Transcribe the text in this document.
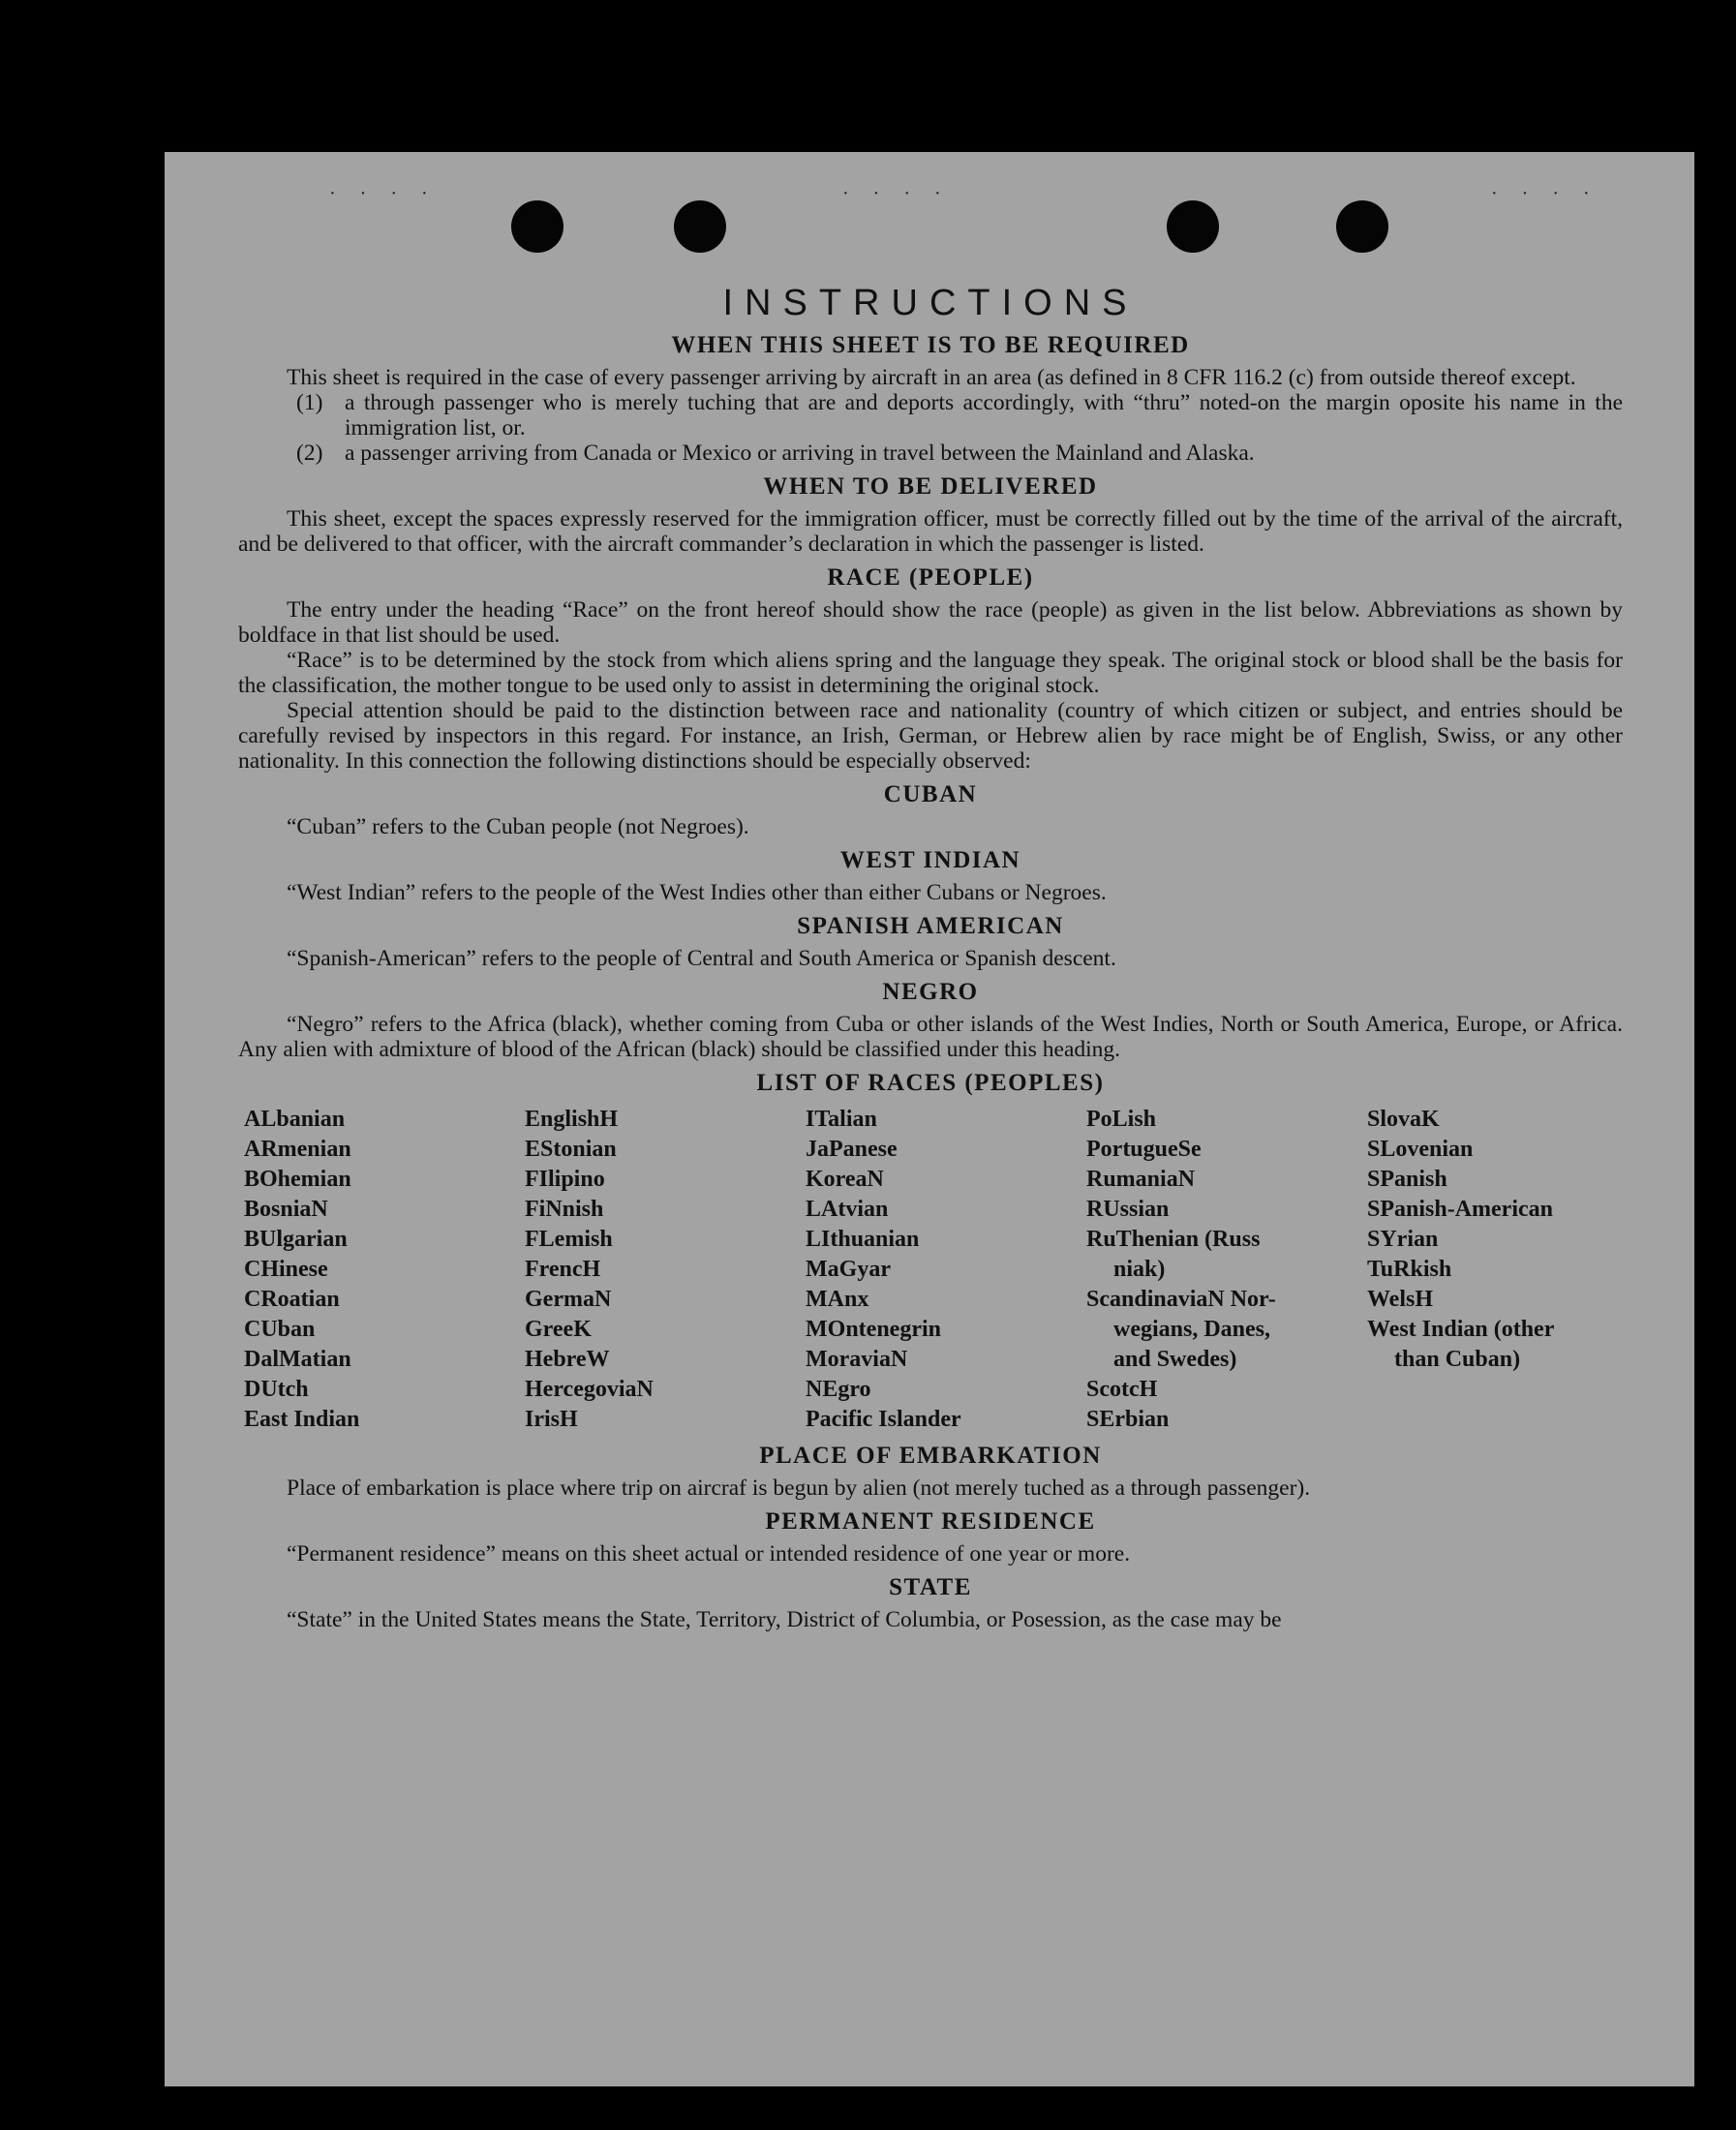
· · · ·	· · · ·	· · · ·
INSTRUCTIONS
WHEN THIS SHEET IS TO BE REQUIRED

This sheet is required in the case of every passenger arriving by aircraft in an area (as defined in 8 CFR 116.2 (c) from outside thereof except.

(1) a through passenger who is merely tuching that are and deports accordingly, with “thru” noted-on the margin oposite his name in the immigration list, or.
(2) a passenger arriving from Canada or Mexico or arriving in travel between the Mainland and Alaska.
WHEN TO BE DELIVERED

This sheet, except the spaces expressly reserved for the immigration officer, must be correctly filled out by the time of the arrival of the aircraft, and be delivered to that officer, with the aircraft commander’s declaration in which the passenger is listed.

RACE (PEOPLE)

The entry under the heading “Race” on the front hereof should show the race (people) as given in the list below. Abbreviations as shown by boldface in that list should be used.

“Race” is to be determined by the stock from which aliens spring and the language they speak. The original stock or blood shall be the basis for the classification, the mother tongue to be used only to assist in determining the original stock.

Special attention should be paid to the distinction between race and nationality (country of which citizen or subject, and entries should be carefully revised by inspectors in this regard. For instance, an Irish, German, or Hebrew alien by race might be of English, Swiss, or any other nationality. In this connection the following distinctions should be especially observed:

CUBAN

“Cuban” refers to the Cuban people (not Negroes).

WEST INDIAN

“West Indian” refers to the people of the West Indies other than either Cubans or Negroes.

SPANISH AMERICAN

“Spanish-American” refers to the people of Central and South America or Spanish descent.

NEGRO

“Negro” refers to the Africa (black), whether coming from Cuba or other islands of the West Indies, North or South America, Europe, or Africa. Any alien with admixture of blood of the African (black) should be classified under this heading.

LIST OF RACES (PEOPLES)
ALbanian
ARmenian
BOhemian
BosniaN
BUlgarian
CHinese
CRoatian
CUban
DalMatian
DUtch
East Indian
EnglishH
EStonian
FIlipino
FiNnish
FLemish
FrencH
GermaN
GreeK
HebreW
HercegoviaN
IrisH
ITalian
JaPanese
KoreaN
LAtvian
LIthuanian
MaGyar
MAnx
MOntenegrin
MoraviaN
NEgro
Pacific Islander
PoLish
PortugueSe
RumaniaN
RUssian
RuThenian (Russ
niak)
ScandinaviaN Nor-
wegians, Danes,
and Swedes)
ScotcH
SErbian
SlovaK
SLovenian
SPanish
SPanish-American
SYrian
TuRkish
WelsH
West Indian (other
than Cuban)
PLACE OF EMBARKATION

Place of embarkation is place where trip on aircraf is begun by alien (not merely tuched as a through passenger).

PERMANENT RESIDENCE

“Permanent residence” means on this sheet actual or intended residence of one year or more.

STATE

“State” in the United States means the State, Territory, District of Columbia, or Posession, as the case may be
